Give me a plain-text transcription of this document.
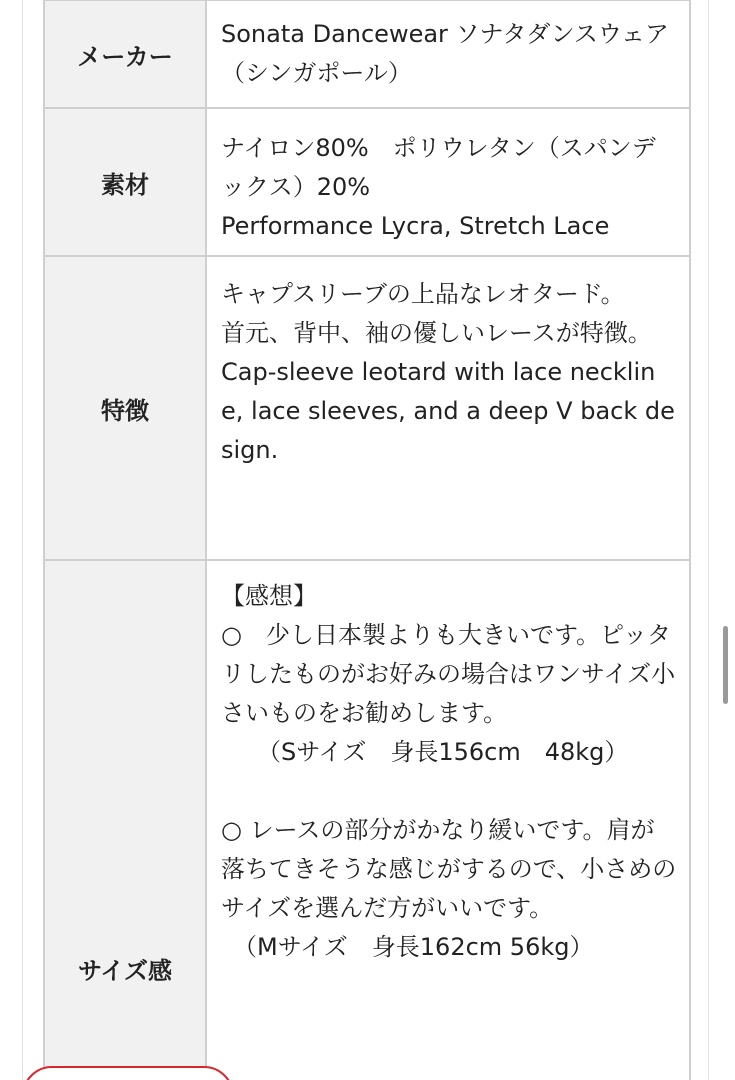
メーカー	Sonata Dancewear ソナタダンスウェア　（シンガポール）
素材	ナイロン80%　ポリウレタン（スパンデックス）20%
Performance Lycra, Stretch Lace
特徴	キャプスリーブの上品なレオタード。
首元、背中、袖の優しいレースが特徴。
Cap-sleeve leotard with lace neckline, lace sleeves, and a deep V back design.
サイズ感	【感想】
○　少し日本製よりも大きいです。ピッタリしたものがお好みの場合はワンサイズ小さいものをお勧めします。
　　（Sサイズ　身長156cm　48kg）

○ レースの部分がかなり緩いです。肩が落ちてきそうな感じがするので、小さめのサイズを選んだ方がいいです。
　（Mサイズ　身長162cm 56kg）
